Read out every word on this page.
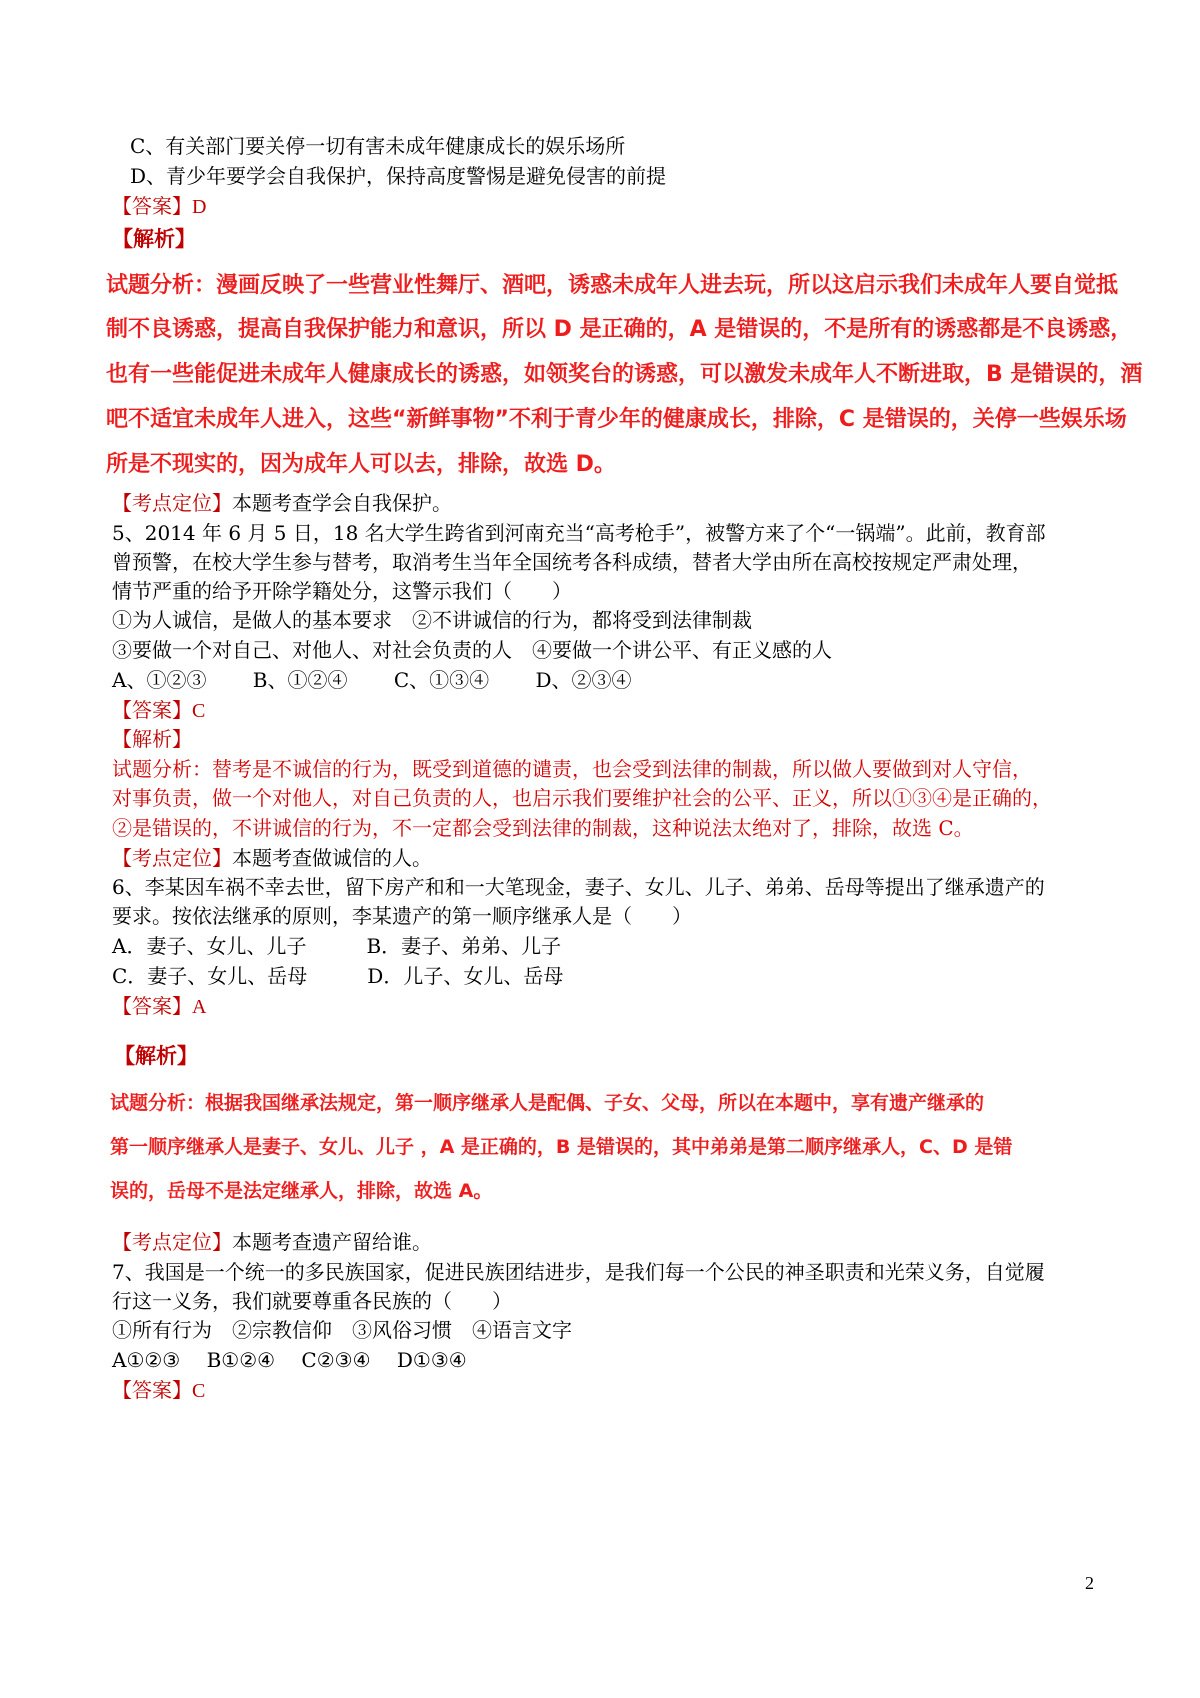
C、有关部门要关停一切有害未成年健康成长的娱乐场所
D、青少年要学会自我保护，保持高度警惕是避免侵害的前提
【答案】D
【解析】
试题分析：漫画反映了一些营业性舞厅、酒吧，诱惑未成年人进去玩，所以这启示我们未成年人要自觉抵
制不良诱惑，提高自我保护能力和意识，所以 D 是正确的，A 是错误的，不是所有的诱惑都是不良诱惑，
也有一些能促进未成年人健康成长的诱惑，如领奖台的诱惑，可以激发未成年人不断进取，B 是错误的，酒
吧不适宜未成年人进入，这些“新鲜事物”不利于青少年的健康成长，排除，C 是错误的，关停一些娱乐场
所是不现实的，因为成年人可以去，排除，故选 D。
【考点定位】本题考查学会自我保护。
5、2014 年 6 月 5 日，18 名大学生跨省到河南充当“高考枪手”，被警方来了个“一锅端”。此前，教育部
曾预警，在校大学生参与替考，取消考生当年全国统考各科成绩，替者大学由所在高校按规定严肃处理，
情节严重的给予开除学籍处分，这警示我们（　　）
①为人诚信，是做人的基本要求　②不讲诚信的行为，都将受到法律制裁
③要做一个对自己、对他人、对社会负责的人　④要做一个讲公平、有正义感的人
A、①②③　　 B、①②④　　 C、①③④　　 D、②③④
【答案】C
【解析】
试题分析：替考是不诚信的行为，既受到道德的谴责，也会受到法律的制裁，所以做人要做到对人守信，
对事负责，做一个对他人，对自己负责的人，也启示我们要维护社会的公平、正义，所以①③④是正确的，
②是错误的，不讲诚信的行为，不一定都会受到法律的制裁，这种说法太绝对了，排除，故选 C。
【考点定位】本题考查做诚信的人。
6、李某因车祸不幸去世，留下房产和和一大笔现金，妻子、女儿、儿子、弟弟、岳母等提出了继承遗产的
要求。按依法继承的原则，李某遗产的第一顺序继承人是（　　）
A．妻子、女儿、儿子　　　B．妻子、弟弟、儿子
C．妻子、女儿、岳母　　　D．儿子、女儿、岳母
【答案】A
【解析】
试题分析：根据我国继承法规定，第一顺序继承人是配偶、子女、父母，所以在本题中，享有遗产继承的
第一顺序继承人是妻子、女儿、儿子 ，A 是正确的，B 是错误的，其中弟弟是第二顺序继承人，C、D 是错
误的，岳母不是法定继承人，排除，故选 A。
【考点定位】本题考查遗产留给谁。
7、我国是一个统一的多民族国家，促进民族团结进步，是我们每一个公民的神圣职责和光荣义务，自觉履
行这一义务，我们就要尊重各民族的（　　）
①所有行为　②宗教信仰　③风俗习惯　④语言文字
A①②③　 B①②④　 C②③④　 D①③④
【答案】C
2
